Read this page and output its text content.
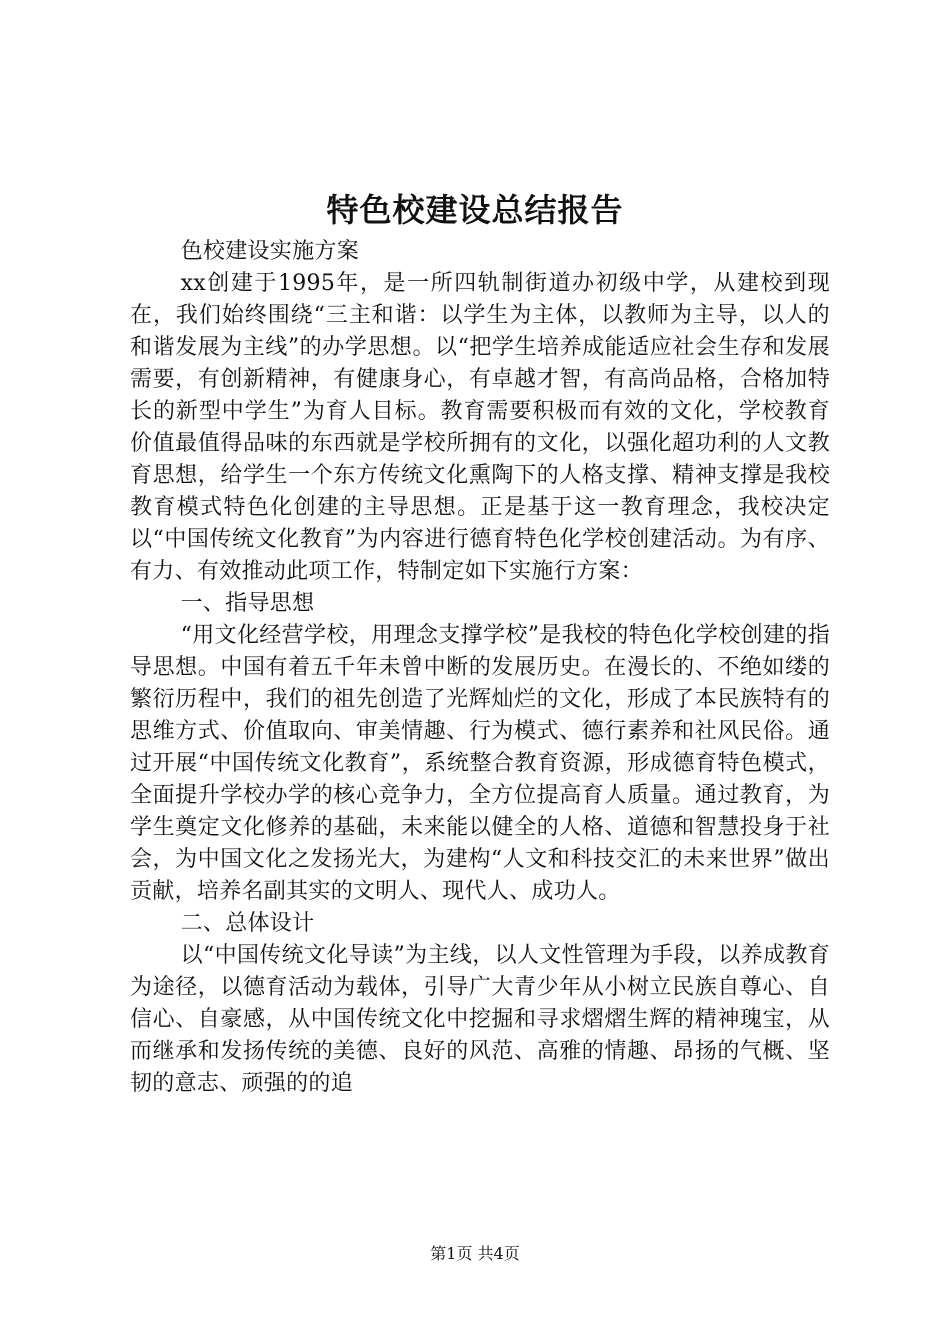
特色校建设总结报告

色校建设实施方案

xx创建于1995年，是一所四轨制街道办初级中学，从建校到现在，我们始终围绕“三主和谐：以学生为主体，以教师为主导，以人的和谐发展为主线”的办学思想。以“把学生培养成能适应社会生存和发展需要，有创新精神，有健康身心，有卓越才智，有高尚品格，合格加特长的新型中学生”为育人目标。教育需要积极而有效的文化，学校教育价值最值得品味的东西就是学校所拥有的文化，以强化超功利的人文教育思想，给学生一个东方传统文化熏陶下的人格支撑、精神支撑是我校教育模式特色化创建的主导思想。正是基于这一教育理念，我校决定以“中国传统文化教育”为内容进行德育特色化学校创建活动。为有序、有力、有效推动此项工作，特制定如下实施行方案：

一、指导思想

“用文化经营学校，用理念支撑学校”是我校的特色化学校创建的指导思想。中国有着五千年未曾中断的发展历史。在漫长的、不绝如缕的繁衍历程中，我们的祖先创造了光辉灿烂的文化，形成了本民族特有的思维方式、价值取向、审美情趣、行为模式、德行素养和社风民俗。通过开展“中国传统文化教育”，系统整合教育资源，形成德育特色模式，全面提升学校办学的核心竞争力，全方位提高育人质量。通过教育，为学生奠定文化修养的基础，未来能以健全的人格、道德和智慧投身于社会，为中国文化之发扬光大，为建构“人文和科技交汇的未来世界”做出贡献，培养名副其实的文明人、现代人、成功人。

二、总体设计

以“中国传统文化导读”为主线，以人文性管理为手段，以养成教育为途径，以德育活动为载体，引导广大青少年从小树立民族自尊心、自信心、自豪感，从中国传统文化中挖掘和寻求熠熠生辉的精神瑰宝，从而继承和发扬传统的美德、良好的风范、高雅的情趣、昂扬的气概、坚韧的意志、顽强的的追

第1页 共4页
